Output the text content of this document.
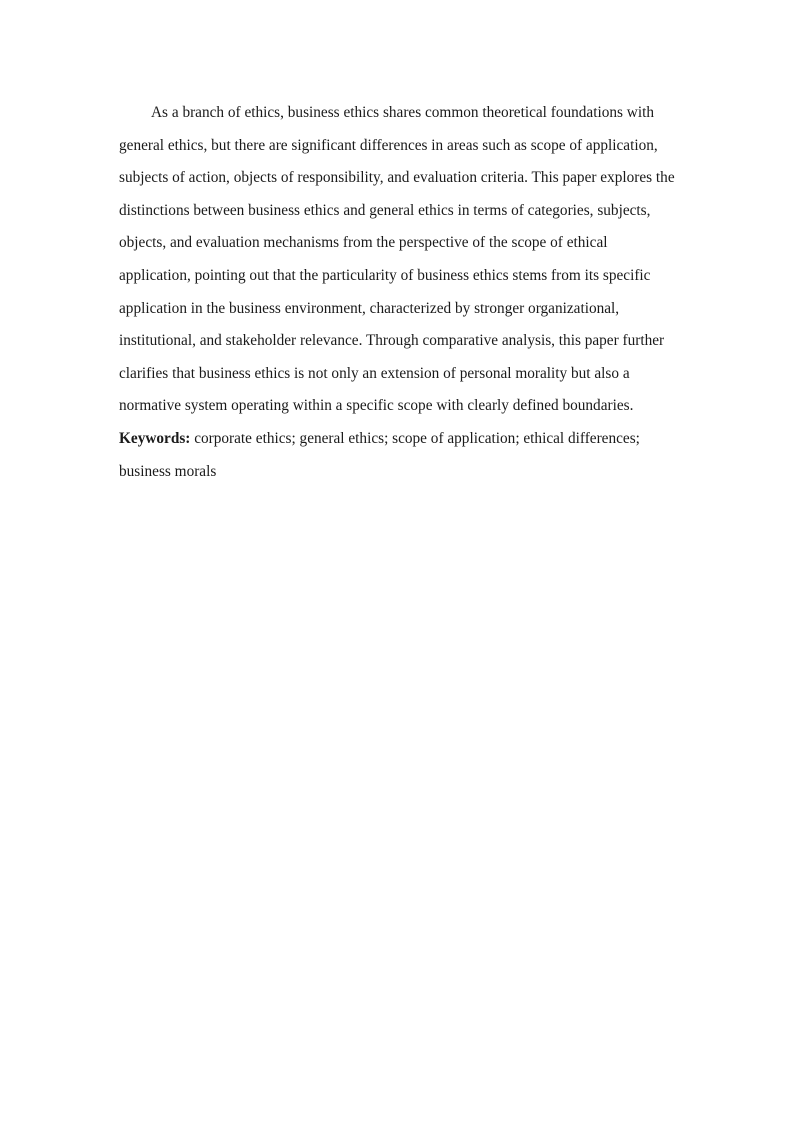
As a branch of ethics, business ethics shares common theoretical foundations with general ethics, but there are significant differences in areas such as scope of application, subjects of action, objects of responsibility, and evaluation criteria. This paper explores the distinctions between business ethics and general ethics in terms of categories, subjects, objects, and evaluation mechanisms from the perspective of the scope of ethical application, pointing out that the particularity of business ethics stems from its specific application in the business environment, characterized by stronger organizational, institutional, and stakeholder relevance. Through comparative analysis, this paper further clarifies that business ethics is not only an extension of personal morality but also a normative system operating within a specific scope with clearly defined boundaries.

Keywords: corporate ethics; general ethics; scope of application; ethical differences; business morals
